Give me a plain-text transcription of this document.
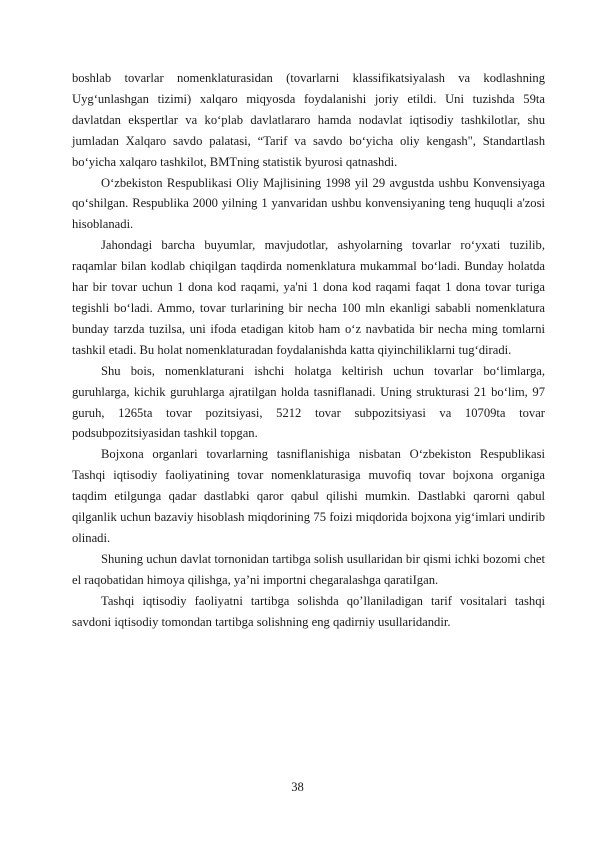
boshlab tovarlar nomenklaturasidan (tovarlarni klassifikatsiyalash va kodlashning Uyg‘unlashgan tizimi) xalqaro miqyosda foydalanishi joriy etildi. Uni tuzishda 59ta davlatdan ekspertlar va ko‘plab davlatlararo hamda nodavlat iqtisodiy tashkilotlar, shu jumladan Xalqaro savdo palatasi, “Tarif va savdo bo‘yicha oliy kengash", Standartlash bo‘yicha xalqaro tashkilot, BMTning statistik byurosi qatnashdi.

O‘zbekiston Respublikasi Oliy Majlisining 1998 yil 29 avgustda ushbu Konvensiyaga qo‘shilgan. Respublika 2000 yilning 1 yanvaridan ushbu konvensiyaning teng huquqli a'zosi hisoblanadi.

Jahondagi barcha buyumlar, mavjudotlar, ashyolarning tovarlar ro‘yxati tuzilib, raqamlar bilan kodlab chiqilgan taqdirda nomenklatura mukammal bo‘ladi. Bunday holatda har bir tovar uchun 1 dona kod raqami, ya'ni 1 dona kod raqami faqat 1 dona tovar turiga tegishli bo‘ladi. Ammo, tovar turlarining bir necha 100 mln ekanligi sababli nomenklatura bunday tarzda tuzilsa, uni ifoda etadigan kitob ham o‘z navbatida bir necha ming tomlarni tashkil etadi. Bu holat nomenklaturadan foydalanishda katta qiyinchiliklarni tug‘diradi.

Shu bois, nomenklaturani ishchi holatga keltirish uchun tovarlar bo‘limlarga, guruhlarga, kichik guruhlarga ajratilgan holda tasniflanadi. Uning strukturasi 21 bo‘lim, 97 guruh, 1265ta tovar pozitsiyasi, 5212 tovar subpozitsiyasi va 10709ta tovar podsubpozitsiyasidan tashkil topgan.

Bojxona organlari tovarlarning tasniflanishiga nisbatan O‘zbekiston Respublikasi Tashqi iqtisodiy faoliyatining tovar nomenklaturasiga muvofiq tovar bojxona organiga taqdim etilgunga qadar dastlabki qaror qabul qilishi mumkin. Dastlabki qarorni qabul qilganlik uchun bazaviy hisoblash miqdorining 75 foizi miqdorida bojxona yig‘imlari undirib olinadi.

Shuning uchun davlat tornonidan tartibga solish usullaridan bir qismi ichki bozomi chet el raqobatidan himoya qilishga, ya’ni importni chegaralashga qaratiIgan.

Tashqi iqtisodiy faoliyatni tartibga solishda qo’llaniladigan tarif vositalari tashqi savdoni iqtisodiy tomondan tartibga solishning eng qadirniy usullaridandir.

38
